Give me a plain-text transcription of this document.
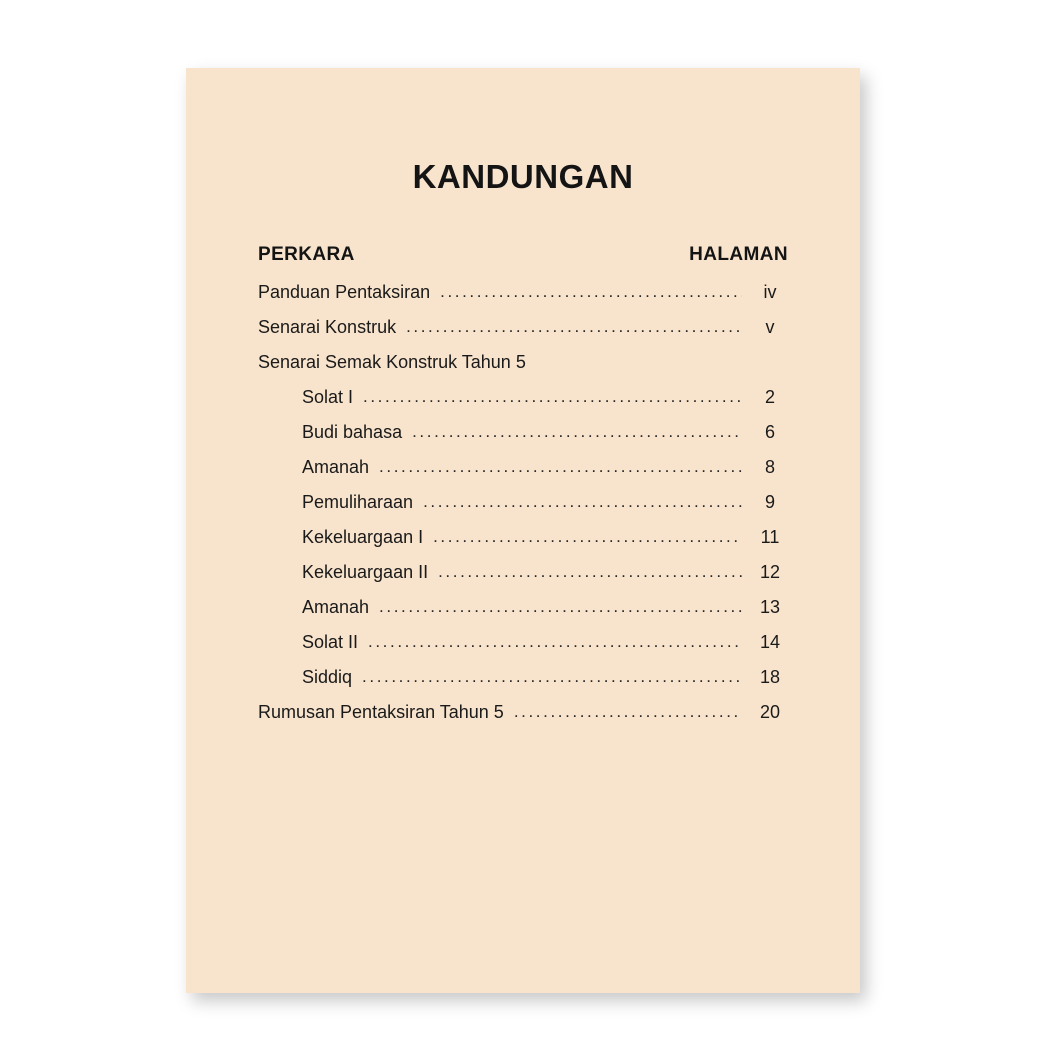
KANDUNGAN
PERKARA	HALAMAN
Panduan Pentaksiran .....	iv
Senarai Konstruk .....	v
Senarai Semak Konstruk Tahun 5
Solat I .....	2
Budi bahasa .....	6
Amanah .....	8
Pemuliharaan .....	9
Kekeluargaan I .....	11
Kekeluargaan II .....	12
Amanah .....	13
Solat II .....	14
Siddiq .....	18
Rumusan Pentaksiran Tahun 5 .....	20
